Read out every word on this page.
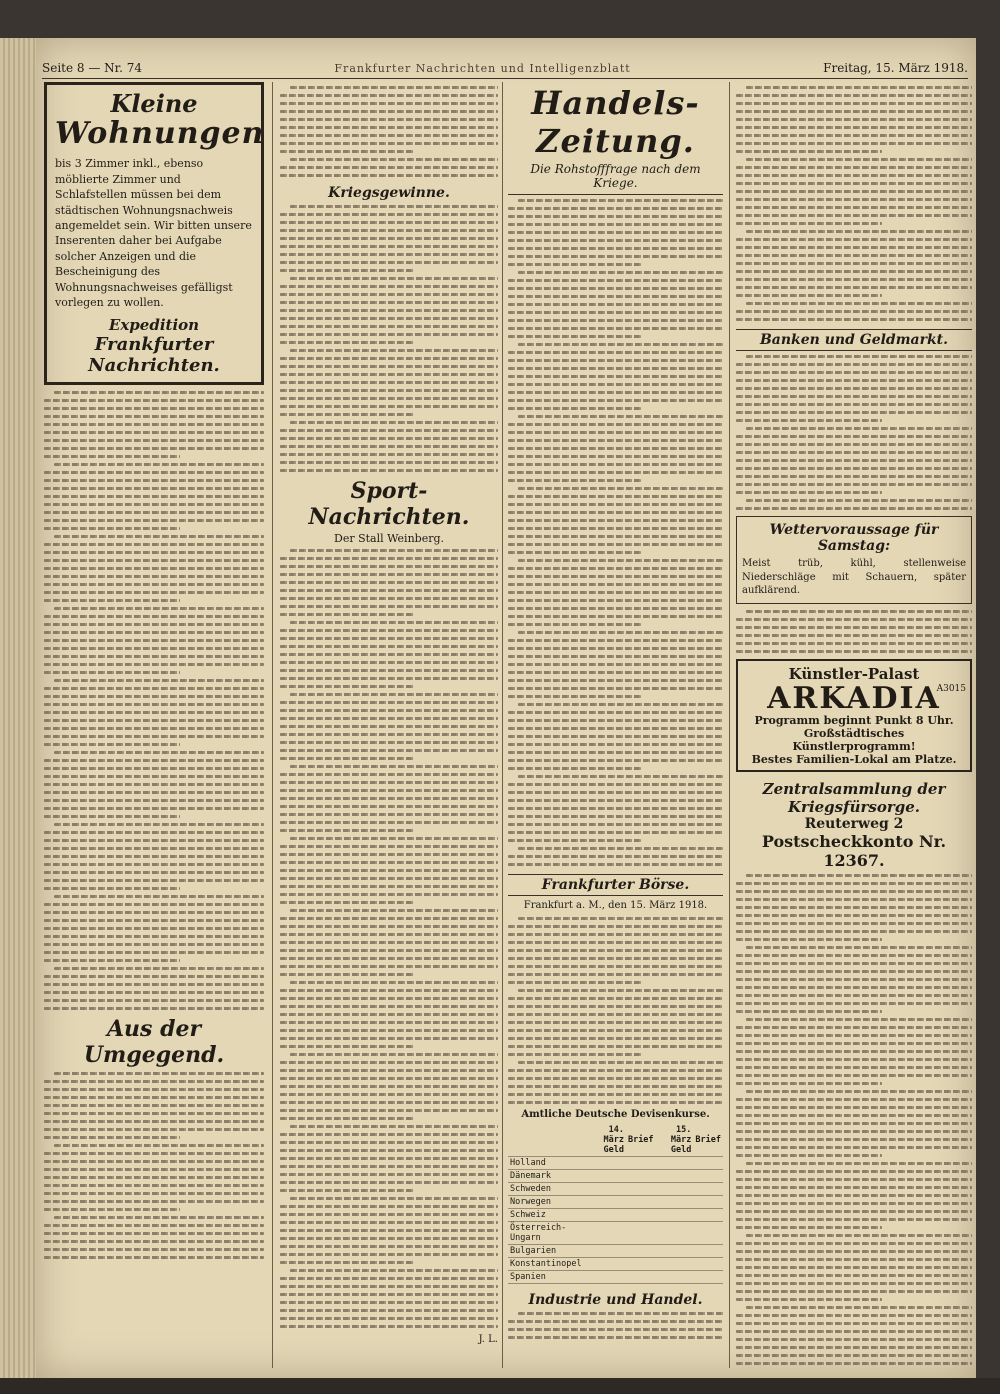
Seite 8 — Nr. 74	Frankfurter Nachrichten und Intelligenzblatt	Freitag, 15. März 1918.
Kleine
Wohnungen
bis 3 Zimmer inkl., ebenso möblierte Zimmer und Schlafstellen müssen bei dem städtischen Wohnungsnachweis angemeldet sein. Wir bitten unsere Inserenten daher bei Aufgabe solcher Anzeigen und die Bescheinigung des Wohnungsnachweises gefälligst vorlegen zu wollen.
Expedition
Frankfurter Nachrichten.
Aus der Umgegend.
Kriegsgewinne.
Sport-Nachrichten.
Der Stall Weinberg.
J. L.
Handels-Zeitung.
Die Rohstofffrage nach dem Kriege.
Frankfurter Börse.
Frankfurt a. M., den 15. März 1918.
Amtliche Deutsche Devisenkurse.
	14. März Geld	Brief	15. März Geld	Brief
Holland				
Dänemark				
Schweden				
Norwegen				
Schweiz				
Österreich-Ungarn				
Bulgarien				
Konstantinopel				
Spanien				
Industrie und Handel.
Banken und Geldmarkt.
Wettervoraussage für Samstag:
Meist trüb, kühl, stellenweise Niederschläge mit Schauern, später aufklärend.
Künstler-Palast
ARKADIA
A3015
Programm beginnt Punkt 8 Uhr.
Großstädtisches Künstlerprogramm!
Bestes Familien-Lokal am Platze.
Zentralsammlung der Kriegsfürsorge.
Reuterweg 2
Postscheckkonto Nr. 12367.
